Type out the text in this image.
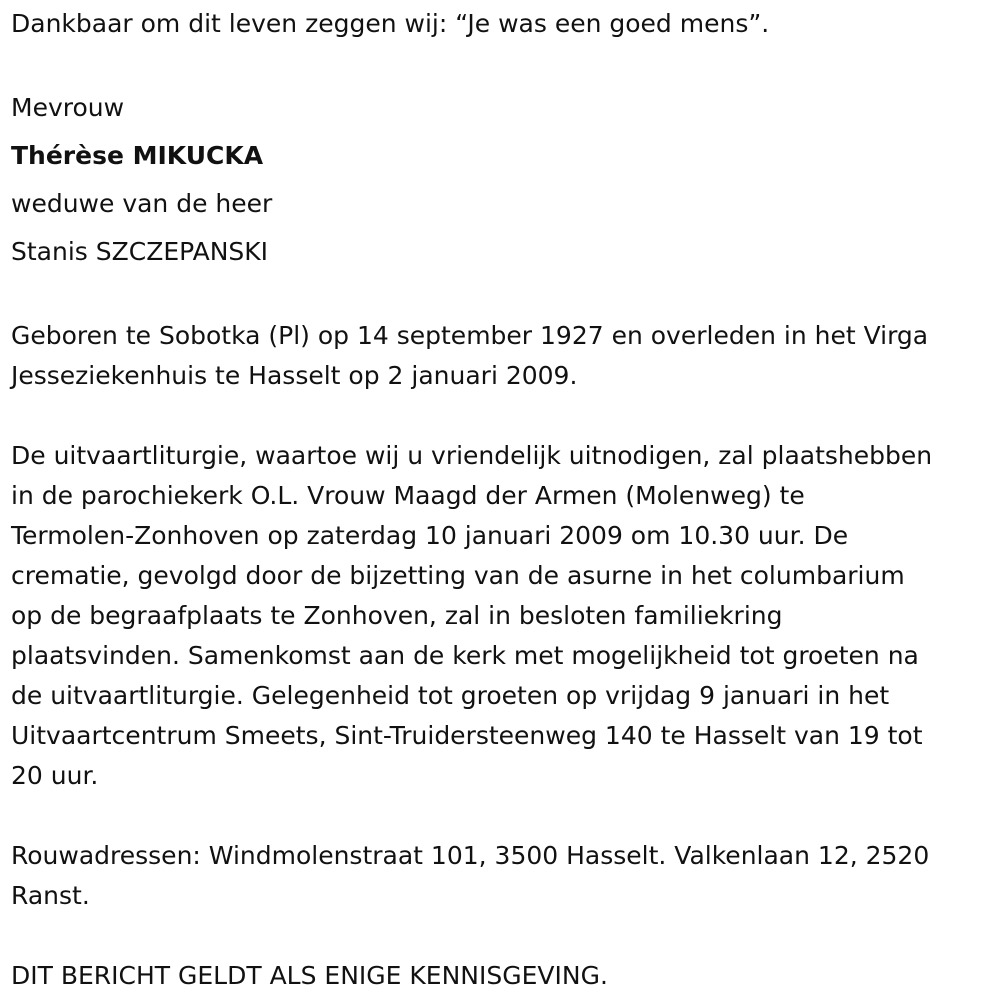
Dankbaar om dit leven zeggen wij: “Je was een goed mens”.

Mevrouw

Thérèse MIKUCKA

weduwe van de heer

Stanis SZCZEPANSKI

Geboren te Sobotka (Pl) op 14 september 1927 en overleden in het Virga

Jesseziekenhuis te Hasselt op 2 januari 2009.

De uitvaartliturgie, waartoe wij u vriendelijk uitnodigen, zal plaatshebben

in de parochiekerk O.L. Vrouw Maagd der Armen (Molenweg) te

Termolen-Zonhoven op zaterdag 10 januari 2009 om 10.30 uur. De

crematie, gevolgd door de bijzetting van de asurne in het columbarium

op de begraafplaats te Zonhoven, zal in besloten familiekring

plaatsvinden. Samenkomst aan de kerk met mogelijkheid tot groeten na

de uitvaartliturgie. Gelegenheid tot groeten op vrijdag 9 januari in het

Uitvaartcentrum Smeets, Sint-Truidersteenweg 140 te Hasselt van 19 tot

20 uur.

Rouwadressen: Windmolenstraat 101, 3500 Hasselt. Valkenlaan 12, 2520

Ranst.

DIT BERICHT GELDT ALS ENIGE KENNISGEVING.
